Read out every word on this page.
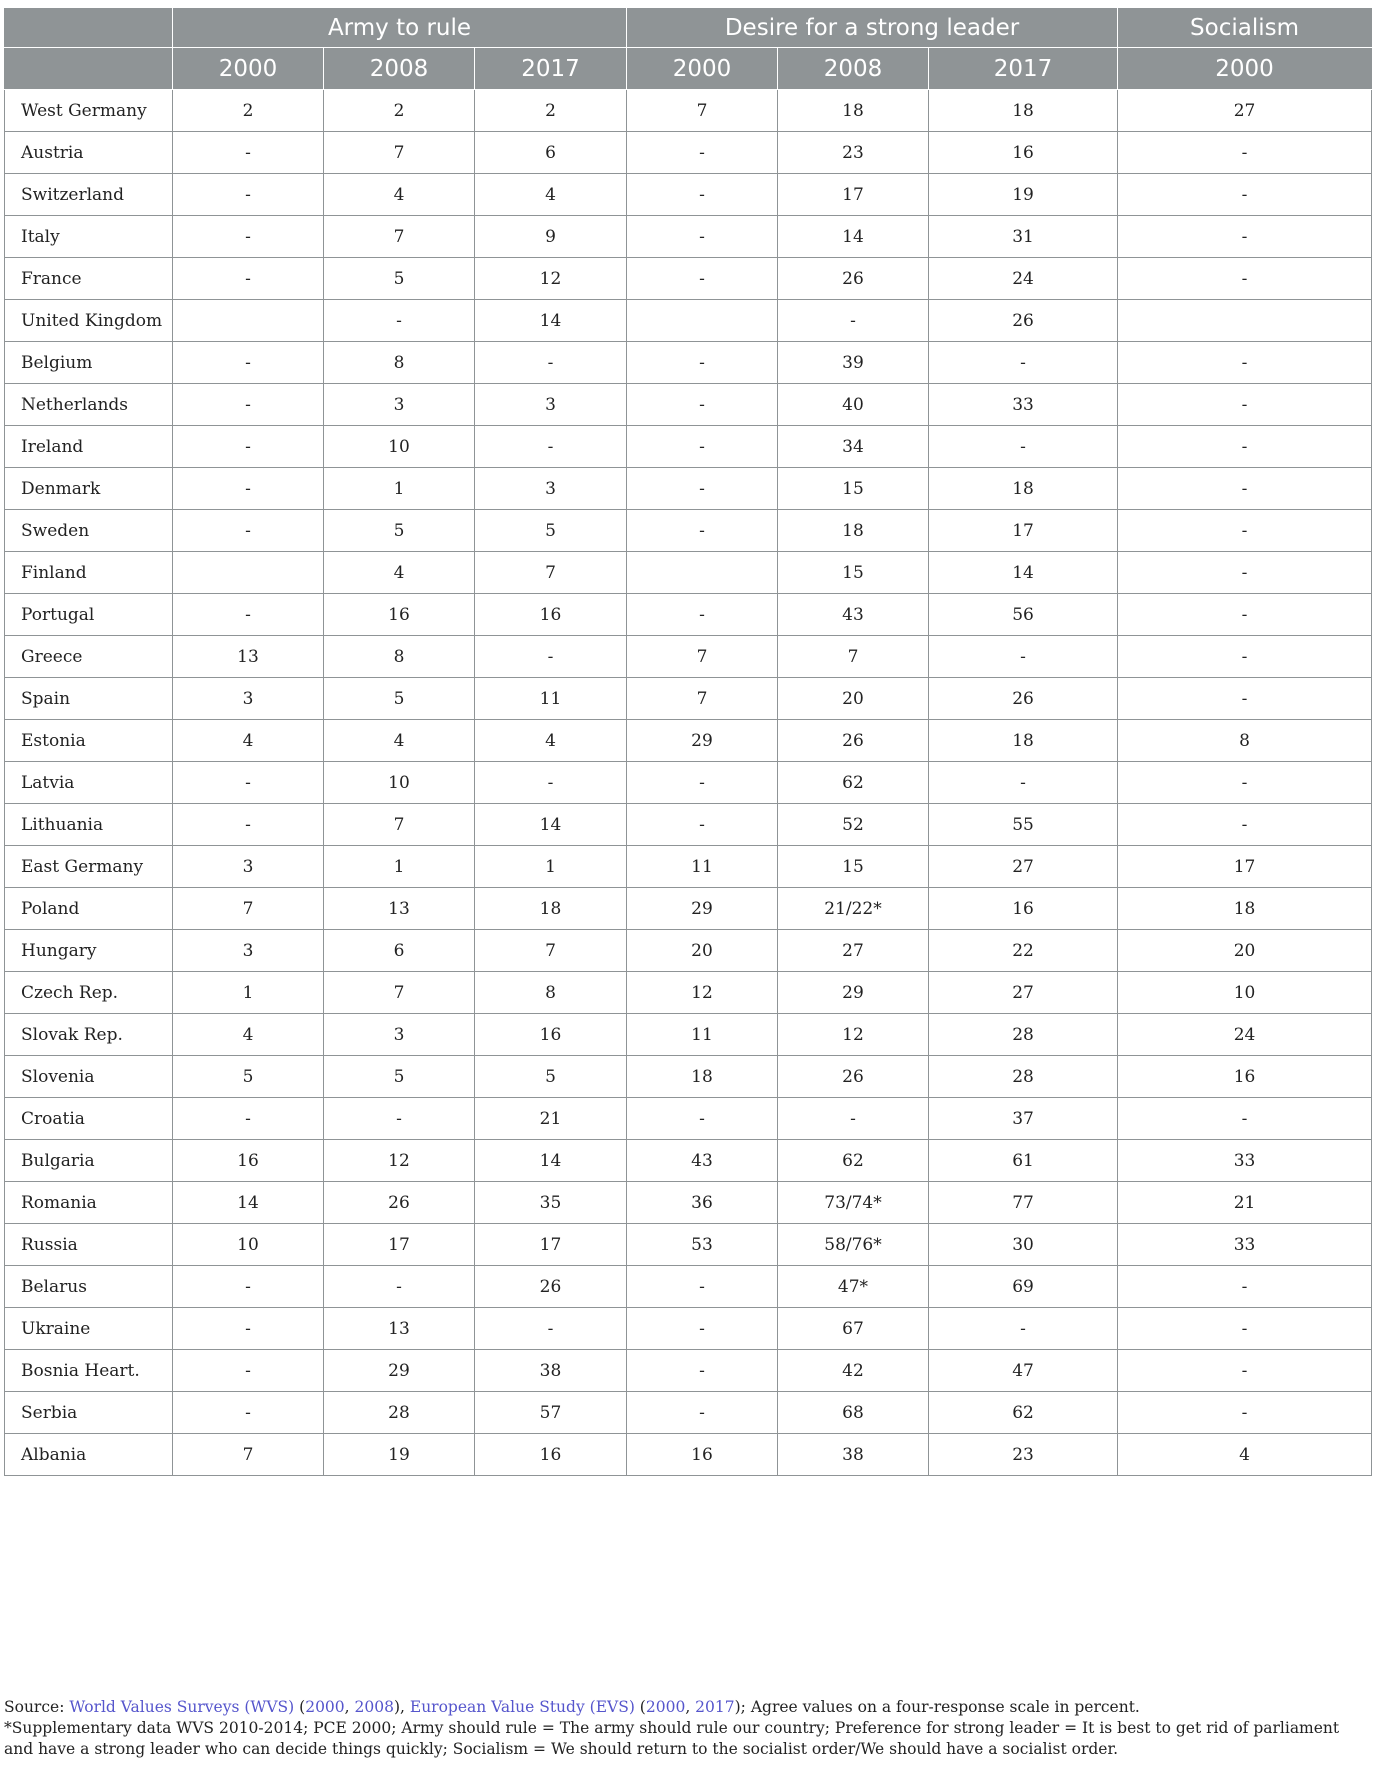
	Army to rule			Desire for a strong leader			Socialism
	2000	2008	2017	2000	2008	2017	2000
West Germany	2	2	2	7	18	18	27
Austria	-	7	6	-	23	16	-
Switzerland	-	4	4	-	17	19	-
Italy	-	7	9	-	14	31	-
France	-	5	12	-	26	24	-
United Kingdom		-	14		-	26	
Belgium	-	8	-	-	39	-	-
Netherlands	-	3	3	-	40	33	-
Ireland	-	10	-	-	34	-	-
Denmark	-	1	3	-	15	18	-
Sweden	-	5	5	-	18	17	-
Finland		4	7		15	14	-
Portugal	-	16	16	-	43	56	-
Greece	13	8	-	7	7	-	-
Spain	3	5	11	7	20	26	-
Estonia	4	4	4	29	26	18	8
Latvia	-	10	-	-	62	-	-
Lithuania	-	7	14	-	52	55	-
East Germany	3	1	1	11	15	27	17
Poland	7	13	18	29	21/22*	16	18
Hungary	3	6	7	20	27	22	20
Czech Rep.	1	7	8	12	29	27	10
Slovak Rep.	4	3	16	11	12	28	24
Slovenia	5	5	5	18	26	28	16
Croatia	-	-	21	-	-	37	-
Bulgaria	16	12	14	43	62	61	33
Romania	14	26	35	36	73/74*	77	21
Russia	10	17	17	53	58/76*	30	33
Belarus	-	-	26	-	47*	69	-
Ukraine	-	13	-	-	67	-	-
Bosnia Heart.	-	29	38	-	42	47	-
Serbia	-	28	57	-	68	62	-
Albania	7	19	16	16	38	23	4

Source: World Values Surveys (WVS) (2000, 2008), European Value Study (EVS) (2000, 2017); Agree values on a four-response scale in percent.

*Supplementary data WVS 2010-2014; PCE 2000; Army should rule = The army should rule our country; Preference for strong leader = It is best to get rid of parliament and have a strong leader who can decide things quickly; Socialism = We should return to the socialist order/We should have a socialist order.
